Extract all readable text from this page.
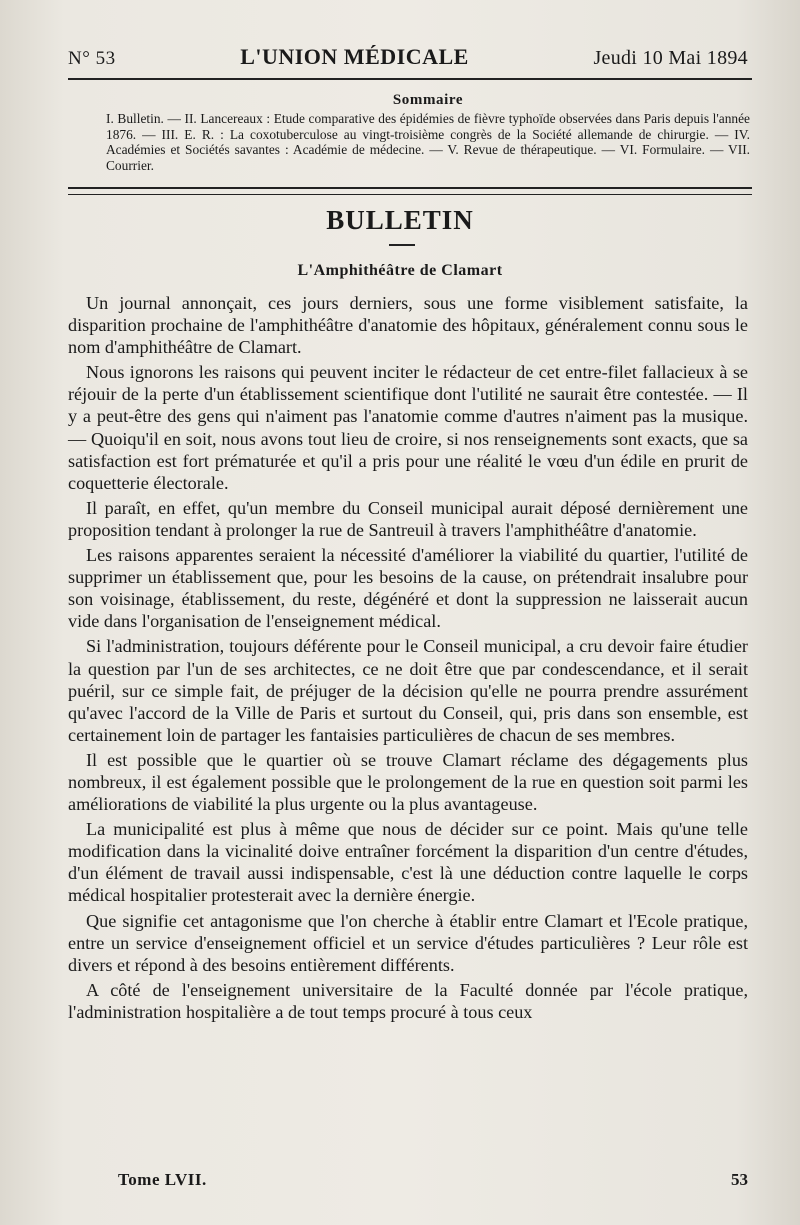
N° 53	L'UNION MÉDICALE	Jeudi 10 Mai 1894
Sommaire
I. Bulletin. — II. Lancereaux : Etude comparative des épidémies de fièvre typhoïde observées dans Paris depuis l'année 1876. — III. E. R. : La coxotuberculose au vingt-troisième congrès de la Société allemande de chirurgie. — IV. Académies et Sociétés savantes : Académie de médecine. — V. Revue de thérapeutique. — VI. Formulaire. — VII. Courrier.
BULLETIN
L'Amphithéâtre de Clamart

Un journal annonçait, ces jours derniers, sous une forme visiblement satisfaite, la disparition prochaine de l'amphithéâtre d'anatomie des hôpitaux, généralement connu sous le nom d'amphithéâtre de Clamart.

Nous ignorons les raisons qui peuvent inciter le rédacteur de cet entre-filet fallacieux à se réjouir de la perte d'un établissement scientifique dont l'utilité ne saurait être contestée. — Il y a peut-être des gens qui n'aiment pas l'anatomie comme d'autres n'aiment pas la musique. — Quoiqu'il en soit, nous avons tout lieu de croire, si nos renseignements sont exacts, que sa satisfaction est fort prématurée et qu'il a pris pour une réalité le vœu d'un édile en prurit de coquetterie électorale.

Il paraît, en effet, qu'un membre du Conseil municipal aurait déposé dernièrement une proposition tendant à prolonger la rue de Santreuil à travers l'amphithéâtre d'anatomie.

Les raisons apparentes seraient la nécessité d'améliorer la viabilité du quartier, l'utilité de supprimer un établissement que, pour les besoins de la cause, on prétendrait insalubre pour son voisinage, établissement, du reste, dégénéré et dont la suppression ne laisserait aucun vide dans l'organisation de l'enseignement médical.

Si l'administration, toujours déférente pour le Conseil municipal, a cru devoir faire étudier la question par l'un de ses architectes, ce ne doit être que par condescendance, et il serait puéril, sur ce simple fait, de préjuger de la décision qu'elle ne pourra prendre assurément qu'avec l'accord de la Ville de Paris et surtout du Conseil, qui, pris dans son ensemble, est certainement loin de partager les fantaisies particulières de chacun de ses membres.

Il est possible que le quartier où se trouve Clamart réclame des dégagements plus nombreux, il est également possible que le prolongement de la rue en question soit parmi les améliorations de viabilité la plus urgente ou la plus avantageuse.

La municipalité est plus à même que nous de décider sur ce point. Mais qu'une telle modification dans la vicinalité doive entraîner forcément la disparition d'un centre d'études, d'un élément de travail aussi indispensable, c'est là une déduction contre laquelle le corps médical hospitalier protesterait avec la dernière énergie.

Que signifie cet antagonisme que l'on cherche à établir entre Clamart et l'Ecole pratique, entre un service d'enseignement officiel et un service d'études particulières ? Leur rôle est divers et répond à des besoins entièrement différents.

A côté de l'enseignement universitaire de la Faculté donnée par l'école pratique, l'administration hospitalière a de tout temps procuré à tous ceux

Tome LVII.	53
